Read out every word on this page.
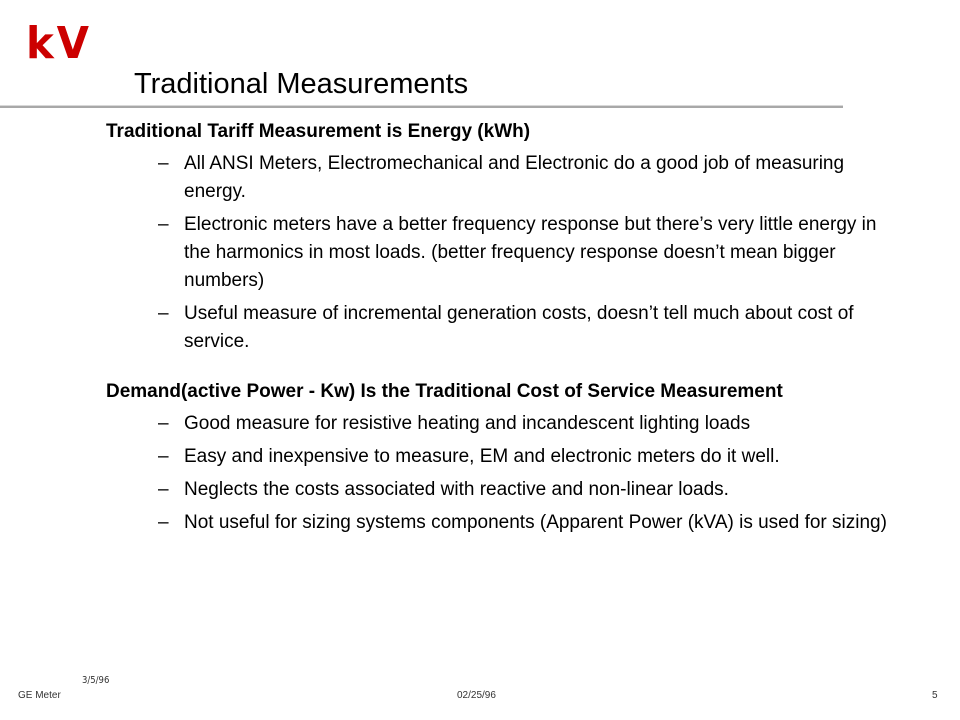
kV
Traditional Measurements

Traditional Tariff Measurement is Energy (kWh)

– All ANSI Meters, Electromechanical and Electronic do a good job of measuring energy.
– Electronic meters have a better frequency response but there’s very little energy in the harmonics in most loads. (better frequency response doesn’t mean bigger numbers)
– Useful measure of incremental generation costs, doesn’t tell much about cost of service.

Demand(active Power - Kw) Is the Traditional Cost of Service Measurement

– Good measure for resistive heating and incandescent lighting loads
– Easy and inexpensive to measure, EM and electronic meters do it well.
– Neglects the costs associated with reactive and non-linear loads.
– Not useful for sizing systems components (Apparent Power (kVA) is used for sizing)
3/5/96
GE Meter	02/25/96	5
